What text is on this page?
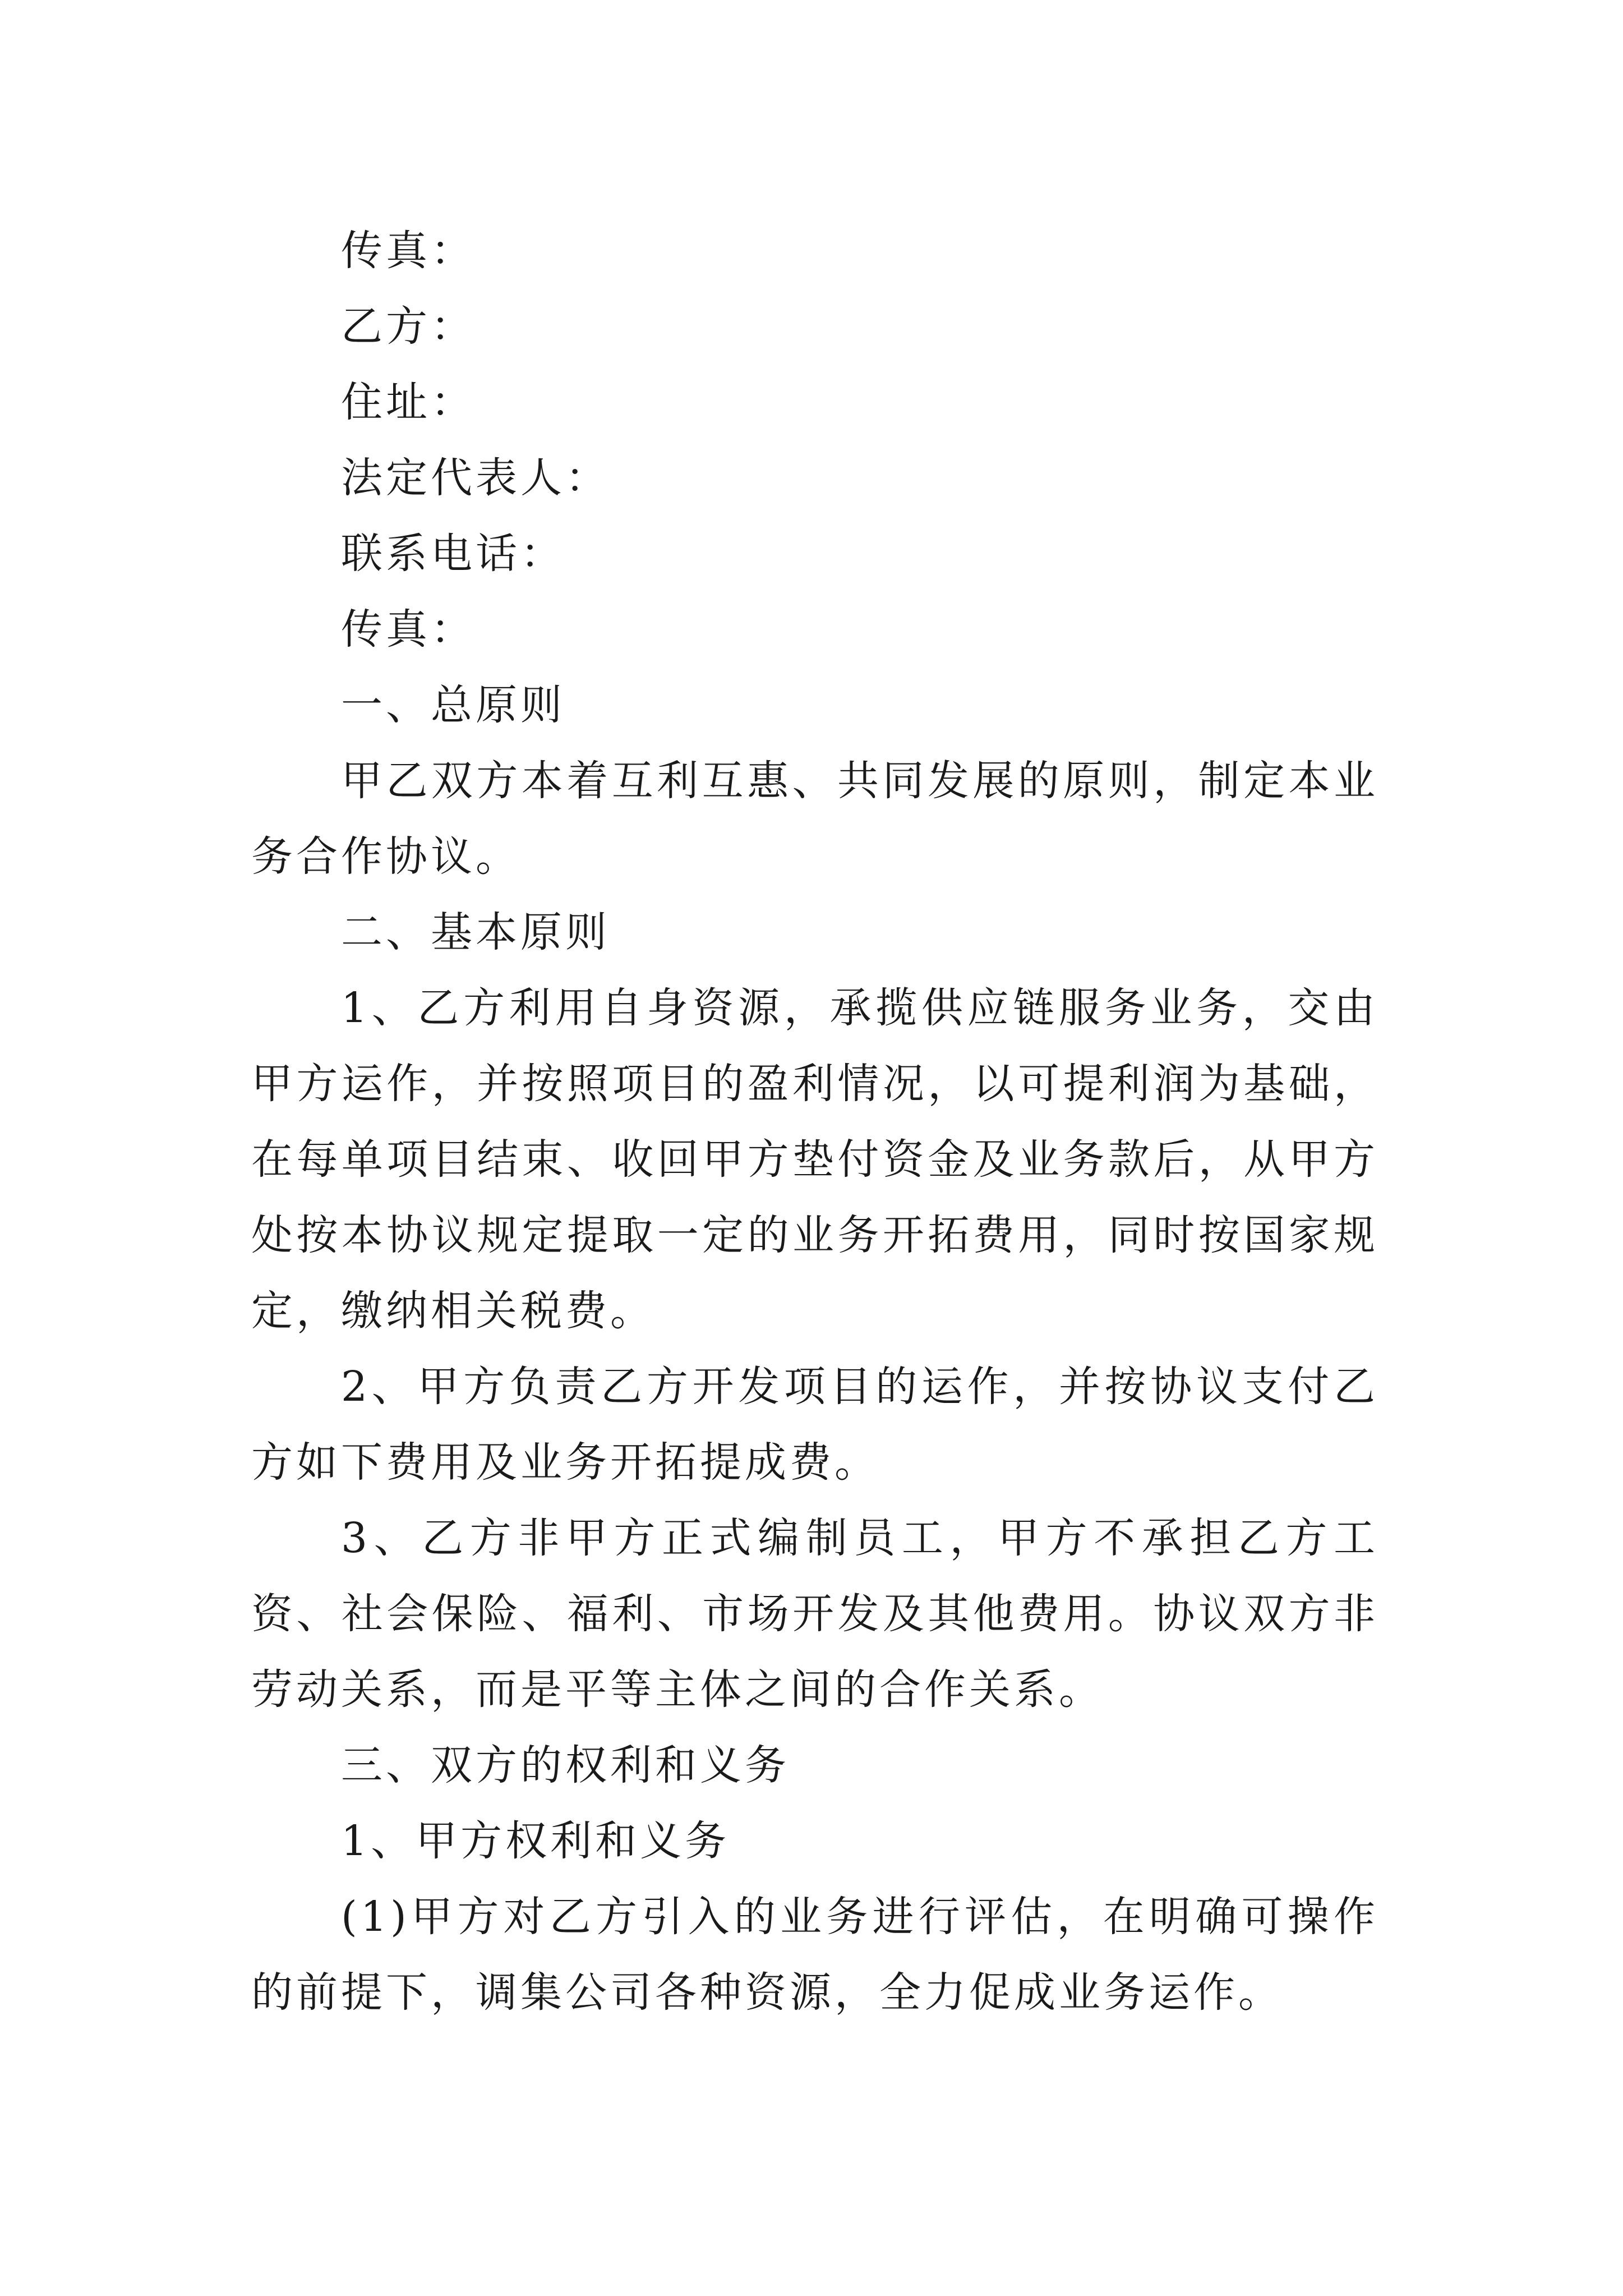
传真：

乙方：

住址：

法定代表人：

联系电话：

传真：

一、总原则

甲乙双方本着互利互惠、共同发展的原则，制定本业务合作协议。

二、基本原则

1、乙方利用自身资源，承揽供应链服务业务，交由甲方运作，并按照项目的盈利情况，以可提利润为基础，在每单项目结束、收回甲方垫付资金及业务款后，从甲方处按本协议规定提取一定的业务开拓费用，同时按国家规定，缴纳相关税费。

2、甲方负责乙方开发项目的运作，并按协议支付乙方如下费用及业务开拓提成费。

3、乙方非甲方正式编制员工，甲方不承担乙方工资、社会保险、福利、市场开发及其他费用。协议双方非劳动关系，而是平等主体之间的合作关系。

三、双方的权利和义务

1、甲方权利和义务

(1)甲方对乙方引入的业务进行评估，在明确可操作的前提下，调集公司各种资源，全力促成业务运作。
